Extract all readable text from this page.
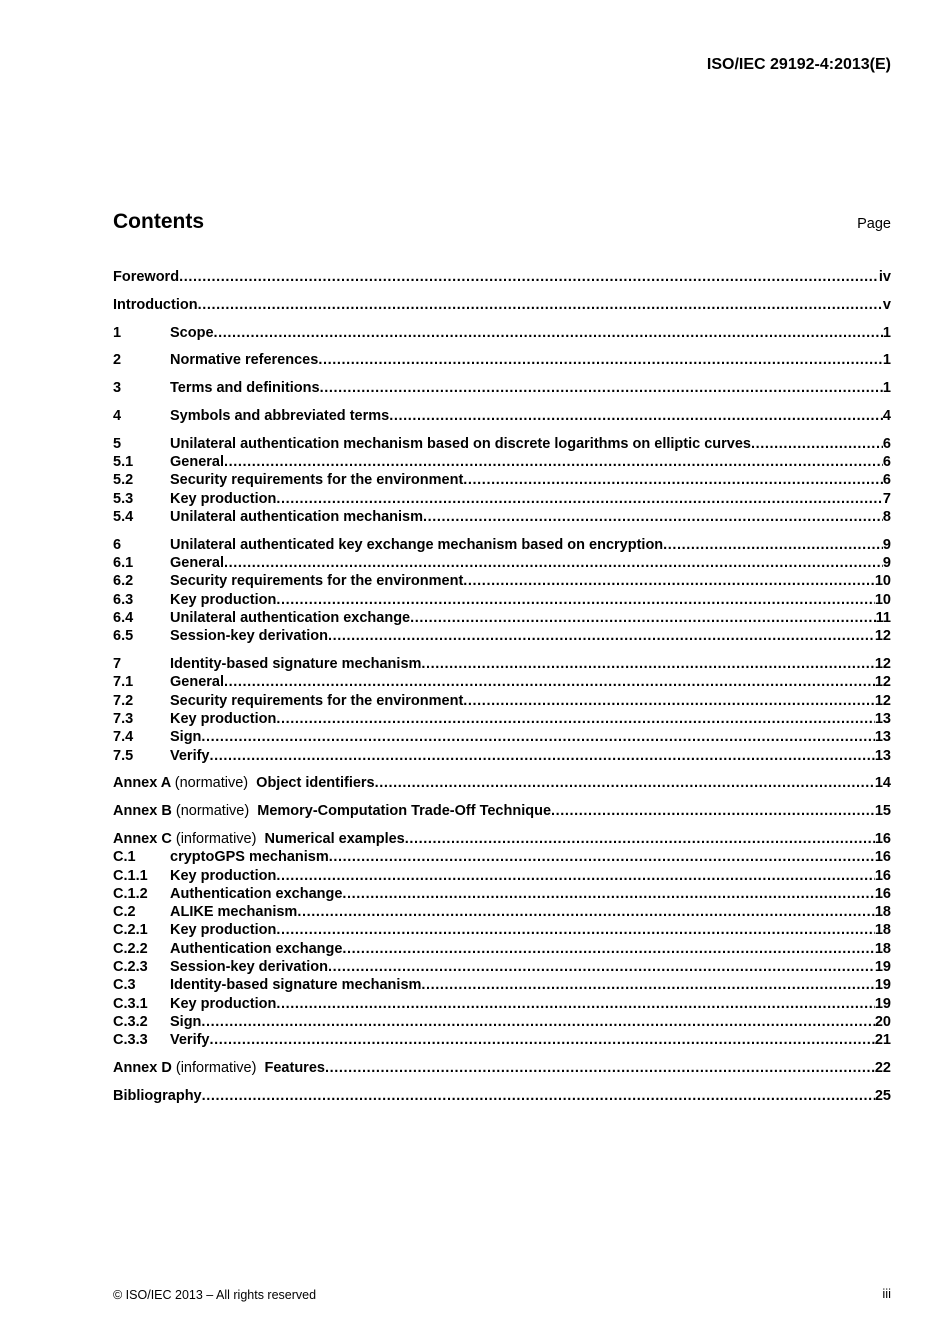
ISO/IEC 29192-4:2013(E)
Contents	Page
Foreword .....	iv
Introduction .....	v
1	Scope .....	1
2	Normative references .....	1
3	Terms and definitions .....	1
4	Symbols and abbreviated terms .....	4
5	Unilateral authentication mechanism based on discrete logarithms on elliptic curves .....	6
5.1	General .....	6
5.2	Security requirements for the environment .....	6
5.3	Key production .....	7
5.4	Unilateral authentication mechanism .....	8
6	Unilateral authenticated key exchange mechanism based on encryption .....	9
6.1	General .....	9
6.2	Security requirements for the environment .....	10
6.3	Key production .....	10
6.4	Unilateral authentication exchange .....	11
6.5	Session-key derivation .....	12
7	Identity-based signature mechanism .....	12
7.1	General .....	12
7.2	Security requirements for the environment .....	12
7.3	Key production .....	13
7.4	Sign .....	13
7.5	Verify .....	13
Annex A (normative) Object identifiers .....	14
Annex B (normative) Memory-Computation Trade-Off Technique .....	15
Annex C (informative) Numerical examples .....	16
C.1	cryptoGPS mechanism .....	16
C.1.1	Key production .....	16
C.1.2	Authentication exchange .....	16
C.2	ALIKE mechanism .....	18
C.2.1	Key production .....	18
C.2.2	Authentication exchange .....	18
C.2.3	Session-key derivation .....	19
C.3	Identity-based signature mechanism .....	19
C.3.1	Key production .....	19
C.3.2	Sign .....	20
C.3.3	Verify .....	21
Annex D (informative) Features .....	22
Bibliography .....	25
© ISO/IEC 2013 – All rights reserved	iii
